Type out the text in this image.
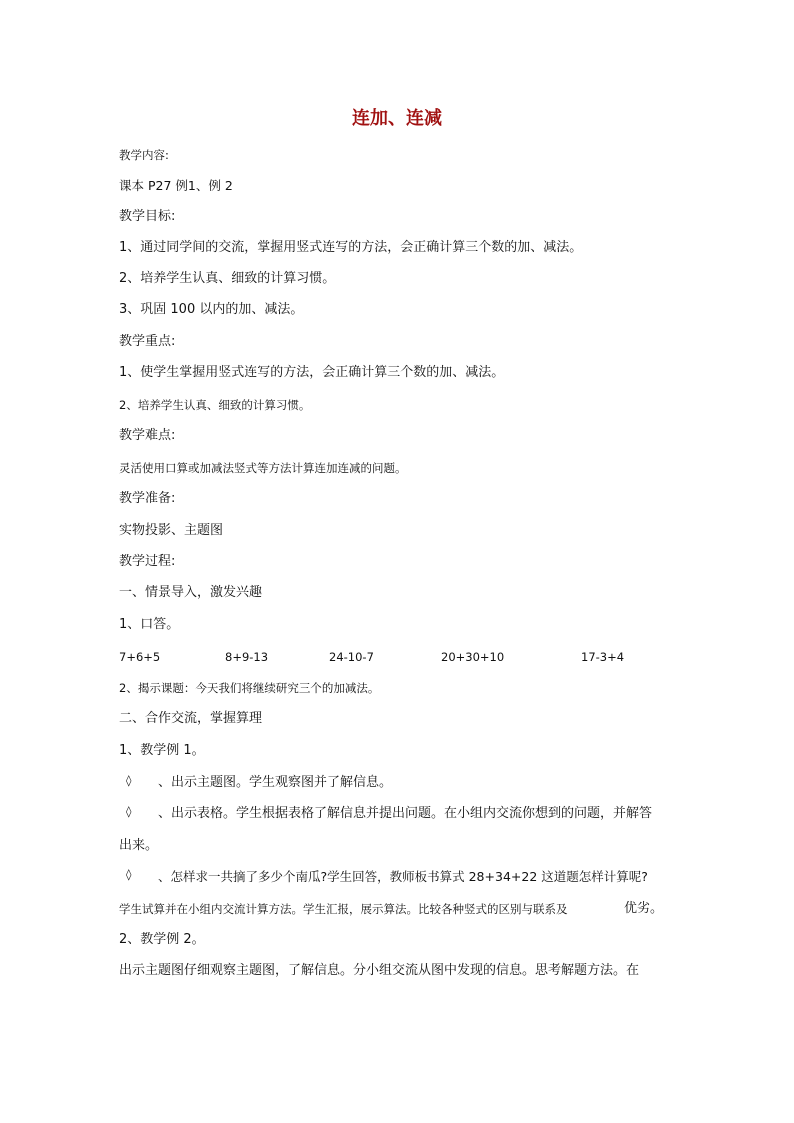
连加、连减
教学内容:
课本 P27 例1、例 2
教学目标:
1、通过同学间的交流，掌握用竖式连写的方法，会正确计算三个数的加、减法。
2、培养学生认真、细致的计算习惯。
3、巩固 100 以内的加、减法。
教学重点:
1、使学生掌握用竖式连写的方法，会正确计算三个数的加、减法。
2、培养学生认真、细致的计算习惯。
教学难点:
灵活使用口算或加减法竖式等方法计算连加连减的问题。
教学准备:
实物投影、主题图
教学过程:
一、情景导入，激发兴趣
1、口答。
7+6+5	8+9-13	24-10-7	20+30+10	17-3+4
2、揭示课题：今天我们将继续研究三个的加减法。
二、合作交流，掌握算理
1、教学例 1。
◊ 、出示主题图。学生观察图并了解信息。
◊ 、出示表格。学生根据表格了解信息并提出问题。在小组内交流你想到的问题，并解答
出来。
◊ 、怎样求一共摘了多少个南瓜?学生回答，教师板书算式 28+34+22 这道题怎样计算呢?
学生试算并在小组内交流计算方法。学生汇报，展示算法。比较各种竖式的区别与联系及	优劣。
2、教学例 2。
出示主题图仔细观察主题图，了解信息。分小组交流从图中发现的信息。思考解题方法。在
